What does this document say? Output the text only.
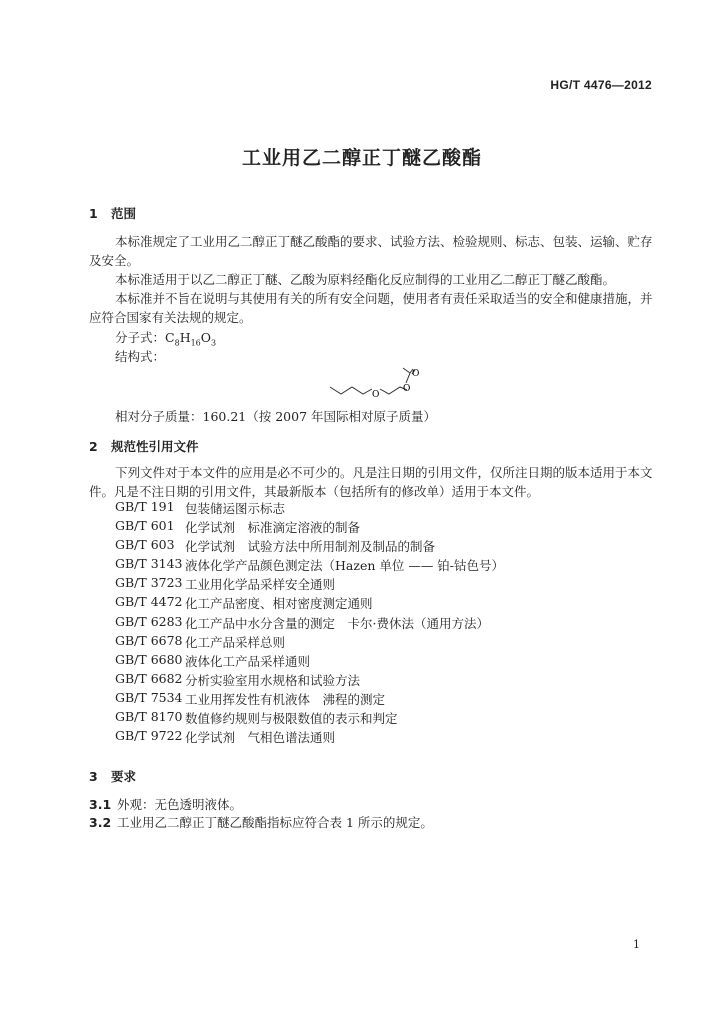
HG/T 4476—2012
工业用乙二醇正丁醚乙酸酯
1 范围
本标准规定了工业用乙二醇正丁醚乙酸酯的要求、试验方法、检验规则、标志、包装、运输、贮存及安全。
本标准适用于以乙二醇正丁醚、乙酸为原料经酯化反应制得的工业用乙二醇正丁醚乙酸酯。
本标准并不旨在说明与其使用有关的所有安全问题，使用者有责任采取适当的安全和健康措施，并应符合国家有关法规的规定。
分子式：$C_8H_{16}O_3$
结构式：
O
O
O
相对分子质量：160.21（按 2007 年国际相对原子质量）
2 规范性引用文件
下列文件对于本文件的应用是必不可少的。凡是注日期的引用文件，仅所注日期的版本适用于本文件。凡是不注日期的引用文件，其最新版本（包括所有的修改单）适用于本文件。
GB/T 191 包装储运图示标志
GB/T 601 化学试剂　标准滴定溶液的制备
GB/T 603 化学试剂　试验方法中所用制剂及制品的制备
GB/T 3143 液体化学产品颜色测定法（Hazen 单位 —— 铂-钴色号）
GB/T 3723 工业用化学品采样安全通则
GB/T 4472 化工产品密度、相对密度测定通则
GB/T 6283 化工产品中水分含量的测定　卡尔·费休法（通用方法）
GB/T 6678 化工产品采样总则
GB/T 6680 液体化工产品采样通则
GB/T 6682 分析实验室用水规格和试验方法
GB/T 7534 工业用挥发性有机液体　沸程的测定
GB/T 8170 数值修约规则与极限数值的表示和判定
GB/T 9722 化学试剂　气相色谱法通则
3 要求
3.1 外观：无色透明液体。
3.2 工业用乙二醇正丁醚乙酸酯指标应符合表 1 所示的规定。
1
